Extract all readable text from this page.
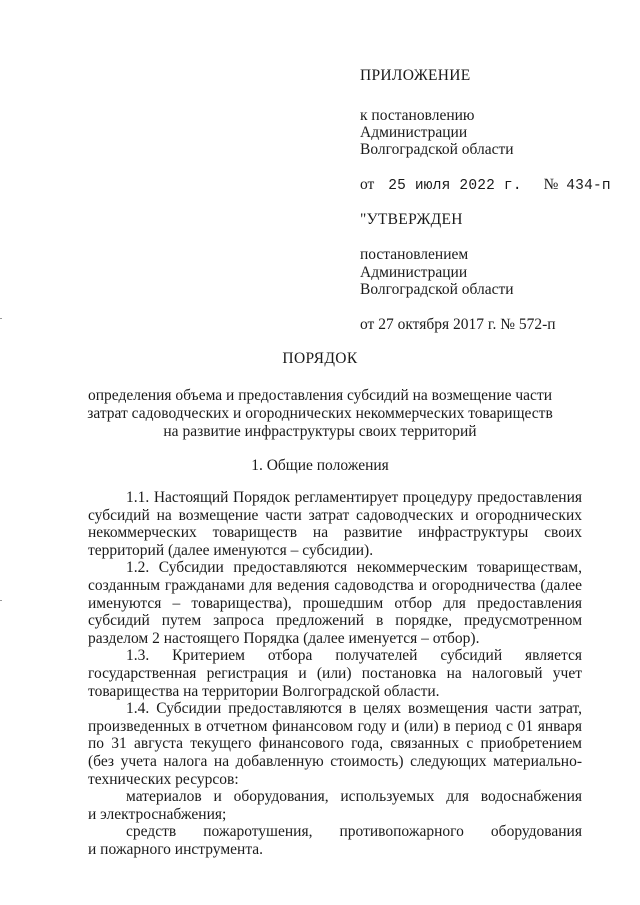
ПРИЛОЖЕНИЕ
к постановлению
Администрации
Волгоградской области
от 25 июля 2022 г. № 434-п
"УТВЕРЖДЕН
постановлением
Администрации
Волгоградской области
от 27 октября 2017 г. № 572-п
ПОРЯДОК
определения объема и предоставления субсидий на возмещение части
затрат садоводческих и огороднических некоммерческих товариществ
на развитие инфраструктуры своих территорий
1. Общие положения

1.1. Настоящий Порядок регламентирует процедуру предоставления

субсидий на возмещение части затрат садоводческих и огороднических

некоммерческих товариществ на развитие инфраструктуры своих

территорий (далее именуются – субсидии).

1.2. Субсидии предоставляются некоммерческим товариществам,

созданным гражданами для ведения садоводства и огородничества (далее

именуются – товарищества), прошедшим отбор для предоставления

субсидий путем запроса предложений в порядке, предусмотренном

разделом 2 настоящего Порядка (далее именуется – отбор).

1.3. Критерием отбора получателей субсидий является

государственная регистрация и (или) постановка на налоговый учет

товарищества на территории Волгоградской области.

1.4. Субсидии предоставляются в целях возмещения части затрат,

произведенных в отчетном финансовом году и (или) в период с 01 января

по 31 августа текущего финансового года, связанных с приобретением

(без учета налога на добавленную стоимость) следующих материально-

технических ресурсов:

материалов и оборудования, используемых для водоснабжения

и электроснабжения;

средств пожаротушения, противопожарного оборудования

и пожарного инструмента.
